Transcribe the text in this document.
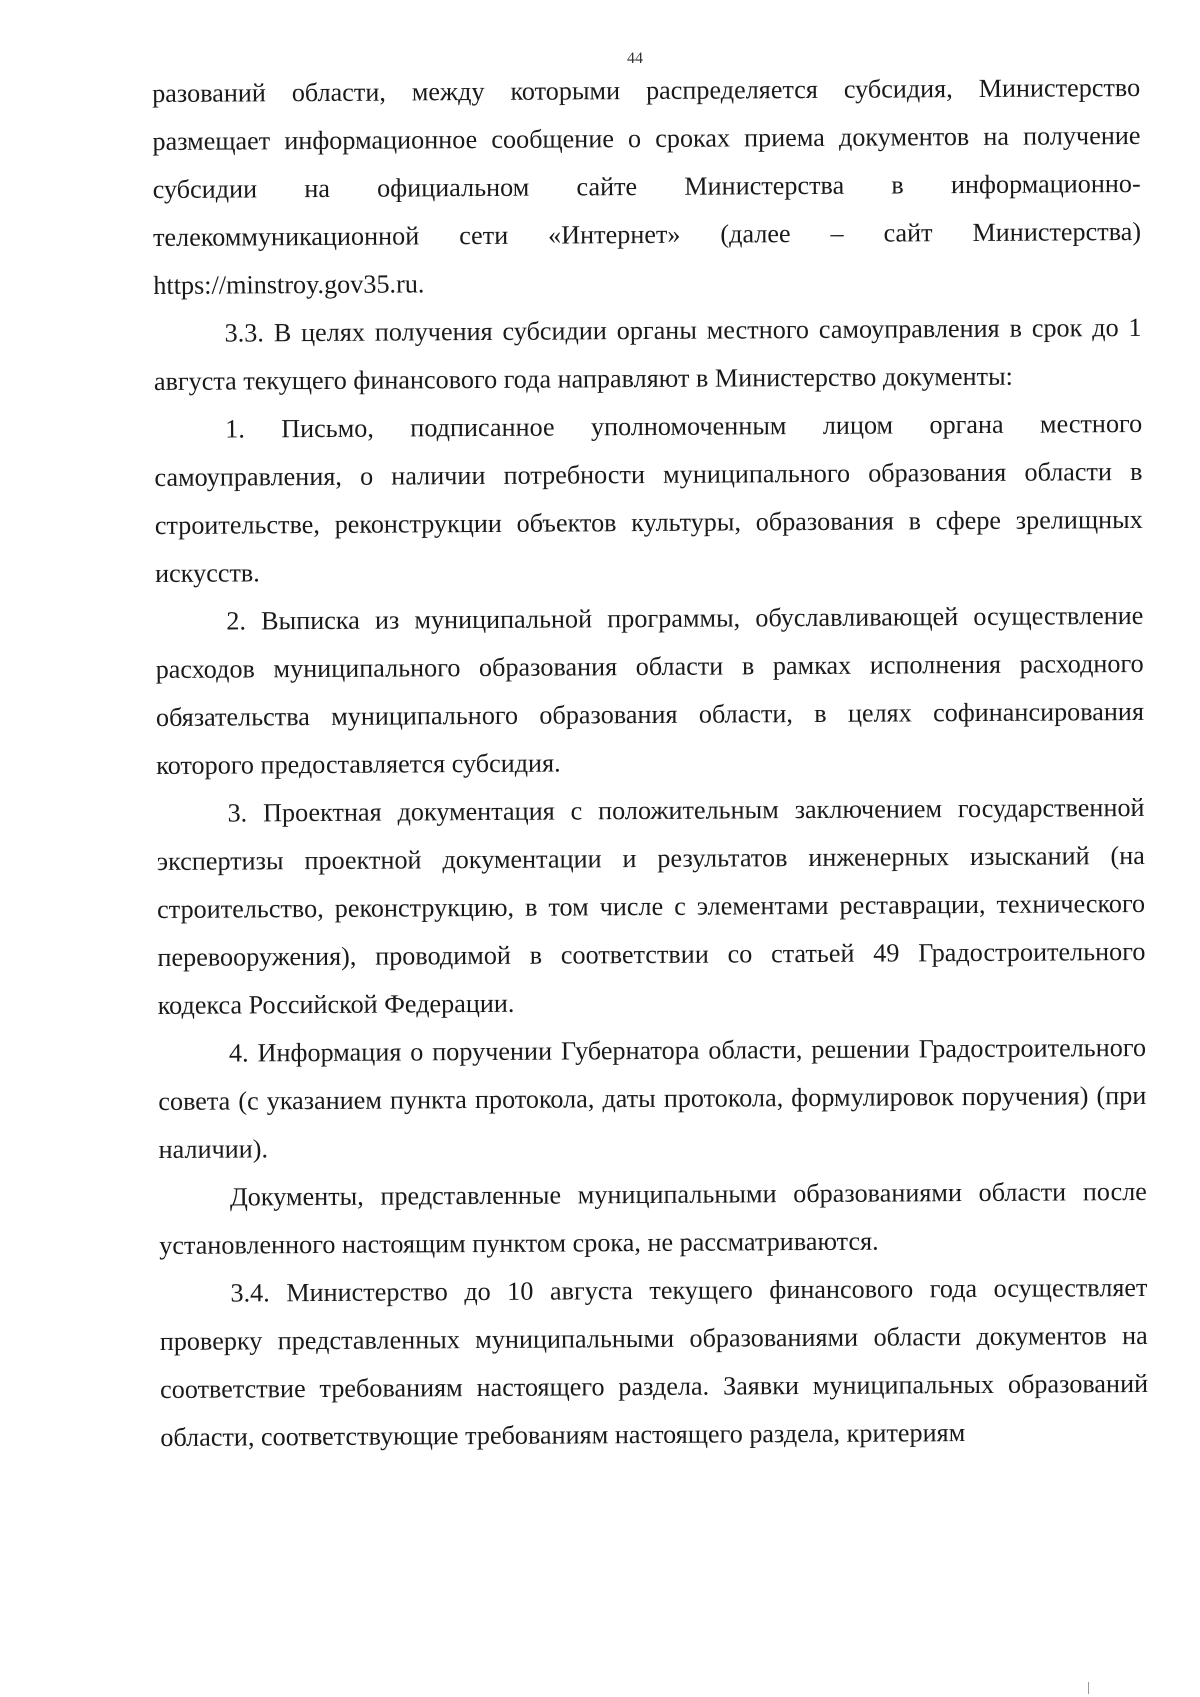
44

разований области, между которыми распределяется субсидия, Министерство размещает информационное сообщение о сроках приема документов на получение субсидии на официальном сайте Министерства в информационно-телекоммуникационной сети «Интернет» (далее – сайт Министерства) https://minstroy.gov35.ru.

3.3. В целях получения субсидии органы местного самоуправления в срок до 1 августа текущего финансового года направляют в Министерство документы:

1. Письмо, подписанное уполномоченным лицом органа местного самоуправления, о наличии потребности муниципального образования области в строительстве, реконструкции объектов культуры, образования в сфере зрелищных искусств.

2. Выписка из муниципальной программы, обуславливающей осуществление расходов муниципального образования области в рамках исполнения расходного обязательства муниципального образования области, в целях софинансирования которого предоставляется субсидия.

3. Проектная документация с положительным заключением государственной экспертизы проектной документации и результатов инженерных изысканий (на строительство, реконструкцию, в том числе с элементами реставрации, технического перевооружения), проводимой в соответствии со статьей 49 Градостроительного кодекса Российской Федерации.

4. Информация о поручении Губернатора области, решении Градостроительного совета (с указанием пункта протокола, даты протокола, формулировок поручения) (при наличии).

Документы, представленные муниципальными образованиями области после установленного настоящим пунктом срока, не рассматриваются.

3.4. Министерство до 10 августа текущего финансового года осуществляет проверку представленных муниципальными образованиями области документов на соответствие требованиям настоящего раздела. Заявки муниципальных образований области, соответствующие требованиям настоящего раздела, критериям
